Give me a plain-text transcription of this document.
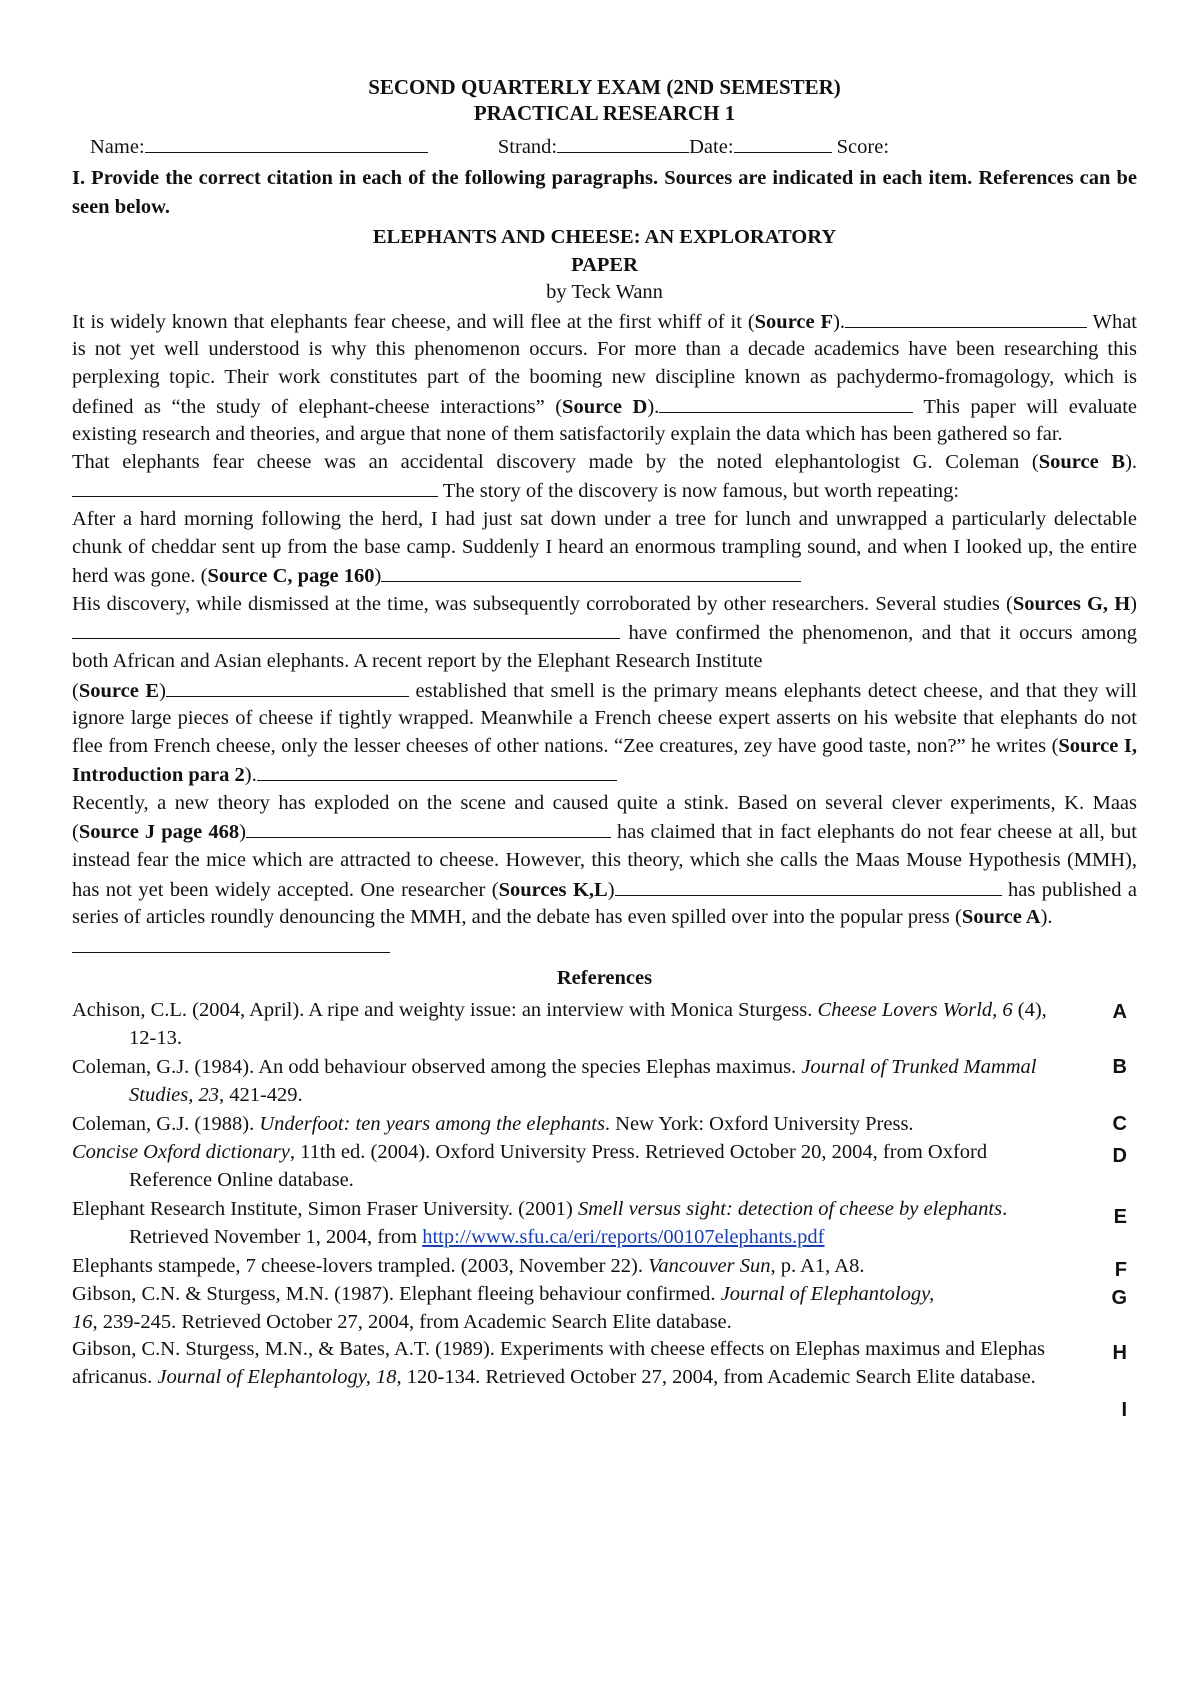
SECOND QUARTERLY EXAM (2ND SEMESTER)
PRACTICAL RESEARCH 1
Name:	Strand:	Date:	Score:
I. Provide the correct citation in each of the following paragraphs. Sources are indicated in each item. References can be seen below.
ELEPHANTS AND CHEESE: AN EXPLORATORY
PAPER
by Teck Wann
It is widely known that elephants fear cheese, and will flee at the first whiff of it (Source F).	What is not yet well understood is why this phenomenon occurs. For more than a decade academics have been researching this perplexing topic. Their work constitutes part of the booming new discipline known as pachydermo-fromagology, which is defined as “the study of elephant-cheese interactions” (Source D).	This paper will evaluate existing research and theories, and argue that none of them satisfactorily explain the data which has been gathered so far.
That elephants fear cheese was an accidental discovery made by the noted elephantologist G. Coleman (Source B). The story of the discovery is now famous, but worth repeating:
After a hard morning following the herd, I had just sat down under a tree for lunch and unwrapped a particularly delectable chunk of cheddar sent up from the base camp. Suddenly I heard an enormous trampling sound, and when I looked up, the entire herd was gone. (Source C, page 160)
His discovery, while dismissed at the time, was subsequently corroborated by other researchers. Several studies (Sources G, H) have confirmed the phenomenon, and that it occurs among both African and Asian elephants. A recent report by the Elephant Research Institute
(Source E)	established that smell is the primary means elephants detect cheese, and that they will ignore large pieces of cheese if tightly wrapped. Meanwhile a French cheese expert asserts on his website that elephants do not flee from French cheese, only the lesser cheeses of other nations. “Zee creatures, zey have good taste, non?” he writes (Source I, Introduction para 2).
Recently, a new theory has exploded on the scene and caused quite a stink. Based on several clever experiments, K. Maas (Source J page 468)	has claimed that in fact elephants do not fear cheese at all, but instead fear the mice which are attracted to cheese. However, this theory, which she calls the Maas Mouse Hypothesis (MMH), has not yet been widely accepted. One researcher (Sources K,L)	has published a series of articles roundly denouncing the MMH, and the debate has even spilled over into the popular press (Source A).
References
Achison, C.L. (2004, April). A ripe and weighty issue: an interview with Monica Sturgess. Cheese Lovers World, 6 (4), 12-13.
A
Coleman, G.J. (1984). An odd behaviour observed among the species Elephas maximus. Journal of Trunked Mammal Studies, 23, 421-429.
B
Coleman, G.J. (1988). Underfoot: ten years among the elephants. New York: Oxford University Press.	C
Concise Oxford dictionary, 11th ed. (2004). Oxford University Press. Retrieved October 20, 2004, from Oxford Reference Online database.
D
Elephant Research Institute, Simon Fraser University. (2001) Smell versus sight: detection of cheese by elephants. Retrieved November 1, 2004, from http://www.sfu.ca/eri/reports/00107elephants.pdf
E
Elephants stampede, 7 cheese-lovers trampled. (2003, November 22). Vancouver Sun, p. A1, A8.	F
Gibson, C.N. & Sturgess, M.N. (1987). Elephant fleeing behaviour confirmed. Journal of Elephantology,	G
16, 239-245. Retrieved October 27, 2004, from Academic Search Elite database.
Gibson, C.N. Sturgess, M.N., & Bates, A.T. (1989). Experiments with cheese effects on Elephas maximus and Elephas africanus. Journal of Elephantology, 18, 120-134. Retrieved October 27, 2004, from Academic Search Elite database.
H
I
